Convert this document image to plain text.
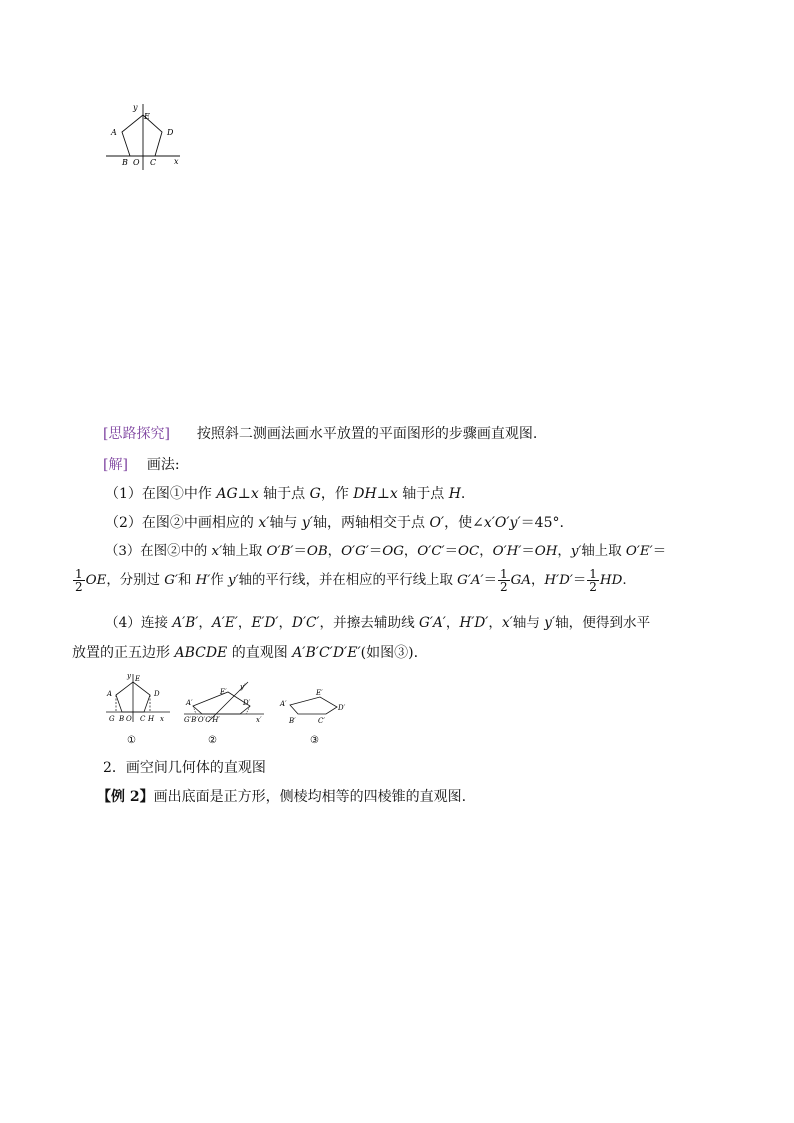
y
x
A
E
D
B O C
[思路探究] 按照斜二测画法画水平放置的平面图形的步骤画直观图.
[解] 画法:
（1）在图①中作 AG⊥x 轴于点 G，作 DH⊥x 轴于点 H.
（2）在图②中画相应的 x′轴与 y′轴，两轴相交于点 O′，使∠x′O′y′＝45°.
（3）在图②中的 x′轴上取 O′B′＝OB，O′G′＝OG，O′C′＝OC，O′H′＝OH，y′轴上取 O′E′＝
$\frac{1}{2}$ OE，分别过 G′和 H′作 y′轴的平行线，并在相应的平行线上取 $G'A'= \frac{1}{2}$ GA，$H'D'= \frac{1}{2}$ HD.
（4）连接 A′B′，A′E′，E′D′，D′C′，并擦去辅助线 G′A′，H′D′，x′轴与 y′轴，便得到水平
放置的正五边形 ABCDE 的直观图 A′B′C′D′E′(如图③).
y
A
E
D
G B O C H x
①
y′
E′
A′	D′
G′B′O′C′H′	x′
②
A′
E′
D′
B′	C′
③
2．画空间几何体的直观图
【例 2】画出底面是正方形，侧棱均相等的四棱锥的直观图.
